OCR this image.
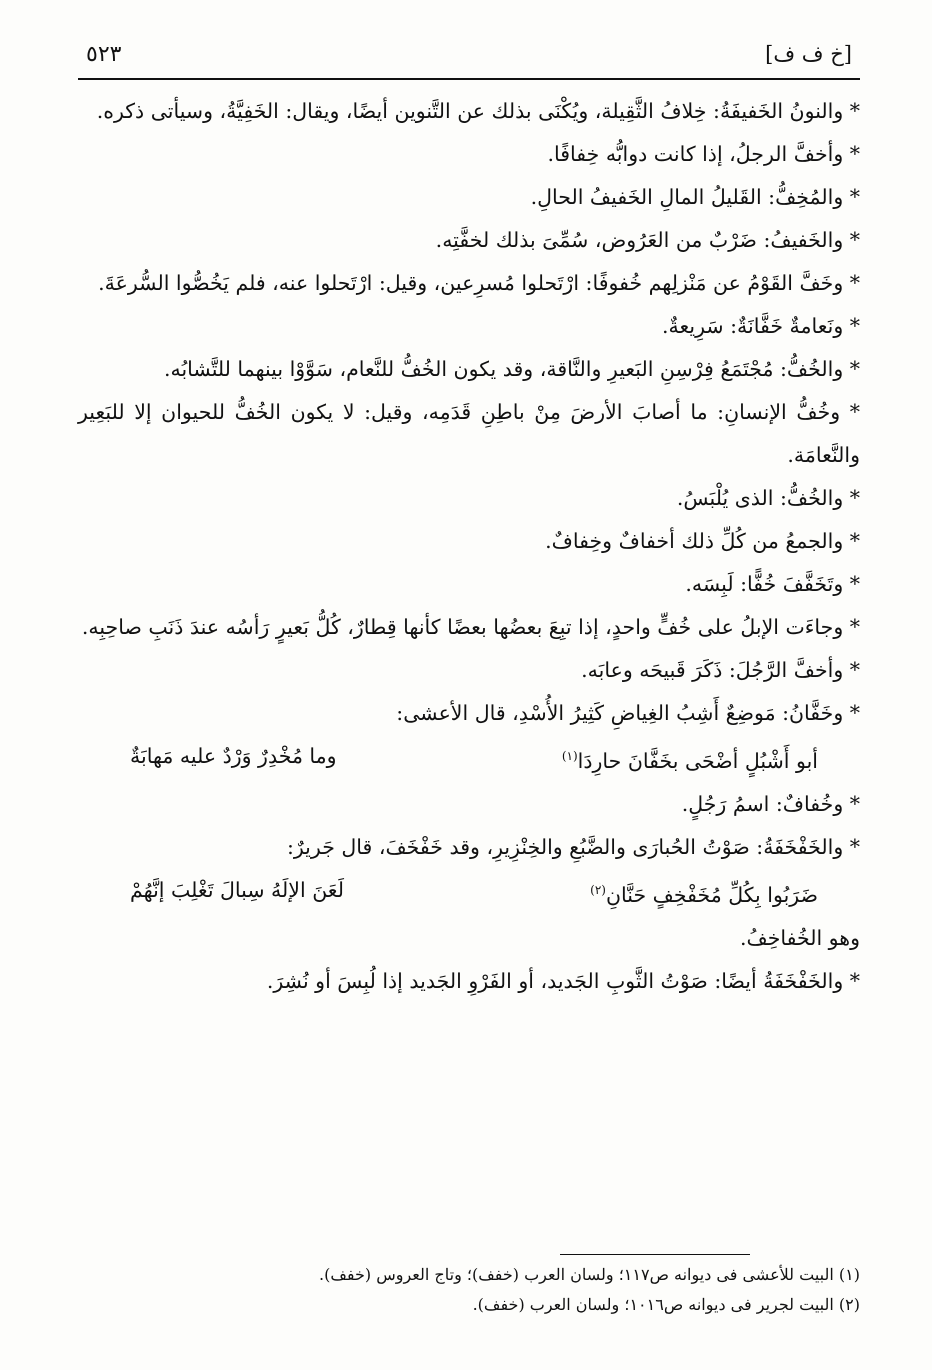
٥٢٣	[خ ف ف]

* والنونُ الخَفيفَةُ: خِلافُ الثَّقِيلة، ويُكْنَى بذلك عن التَّنوين أيضًا، ويقال: الخَفِيَّةُ، وسيأتى ذكره.

* وأخفَّ الرجلُ، إذا كانت دوابُّه خِفافًا.

* والمُخِفُّ: القَليلُ المالِ الخَفيفُ الحالِ.

* والخَفيفُ: ضَرْبٌ من العَرُوض، سُمِّىَ بذلك لخفَّتِه.

* وخَفَّ القَوْمُ عن مَنْزلِهم خُفوفًا: ارْتَحلوا مُسرِعين، وقيل: ارْتَحلوا عنه، فلم يَخُصُّوا السُّرعَةَ.

* ونَعامةٌ خَفَّانَةٌ: سَرِيعةٌ.

* والخُفُّ: مُجْتَمَعُ فِرْسِنِ البَعيرِ والنَّاقة، وقد يكون الخُفُّ للنَّعام، سَوَّوْا بينهما للتَّشابُه.

* وخُفُّ الإنسانِ: ما أصابَ الأرضَ مِنْ باطِنِ قَدَمِه، وقيل: لا يكون الخُفُّ للحيوان إلا للبَعِير والنَّعامَة.

* والخُفُّ: الذى يُلْبَسُ.

* والجمعُ من كُلِّ ذلك أخفافٌ وخِفافٌ.

* وتَخَفَّفَ خُفًّا: لَبِسَه.

* وجاءَت الإبلُ على خُفٍّ واحدٍ، إذا تبِعَ بعضُها بعضًا كأنها قِطارٌ، كُلُّ بَعيرٍ رَأسُه عندَ ذَنَبِ صاحِبِه.

* وأخفَّ الرَّجُلَ: ذَكَرَ قَبيحَه وعابَه.

* وخَفَّانُ: مَوضِعٌ أَشِبُ الغِياضِ كَثِيرُ الأُسْدِ، قال الأعشى:

وما مُخْدِرٌ وَرْدٌ عليه مَهابَةٌ	أبو أَشْبُلٍ أضْحَى بخَفَّانَ حارِدَا$^{(١)}$

* وخُفافٌ: اسمُ رَجُلٍ.

* والخَفْخَفَةُ: صَوْتُ الحُبارَى والضَّبُعِ والخِنْزِيرِ، وقد خَفْخَفَ، قال جَريرٌ:

لَعَنَ الإلَهُ سِبالَ تَغْلِبَ إنَّهُمْ	ضَرَبُوا بِكُلِّ مُخَفْخِفٍ حَنَّانِ$^{(٢)}$

وهو الخُفاخِفُ.

* والخَفْخَفَةُ أيضًا: صَوْتُ الثَّوبِ الجَديد، أو الفَرْوِ الجَديد إذا لُبِسَ أو نُشِرَ.

(١) البيت للأعشى فى ديوانه ص١١٧؛ ولسان العرب (خفف)؛ وتاج العروس (خفف).

(٢) البيت لجرير فى ديوانه ص١٠١٦؛ ولسان العرب (خفف).
